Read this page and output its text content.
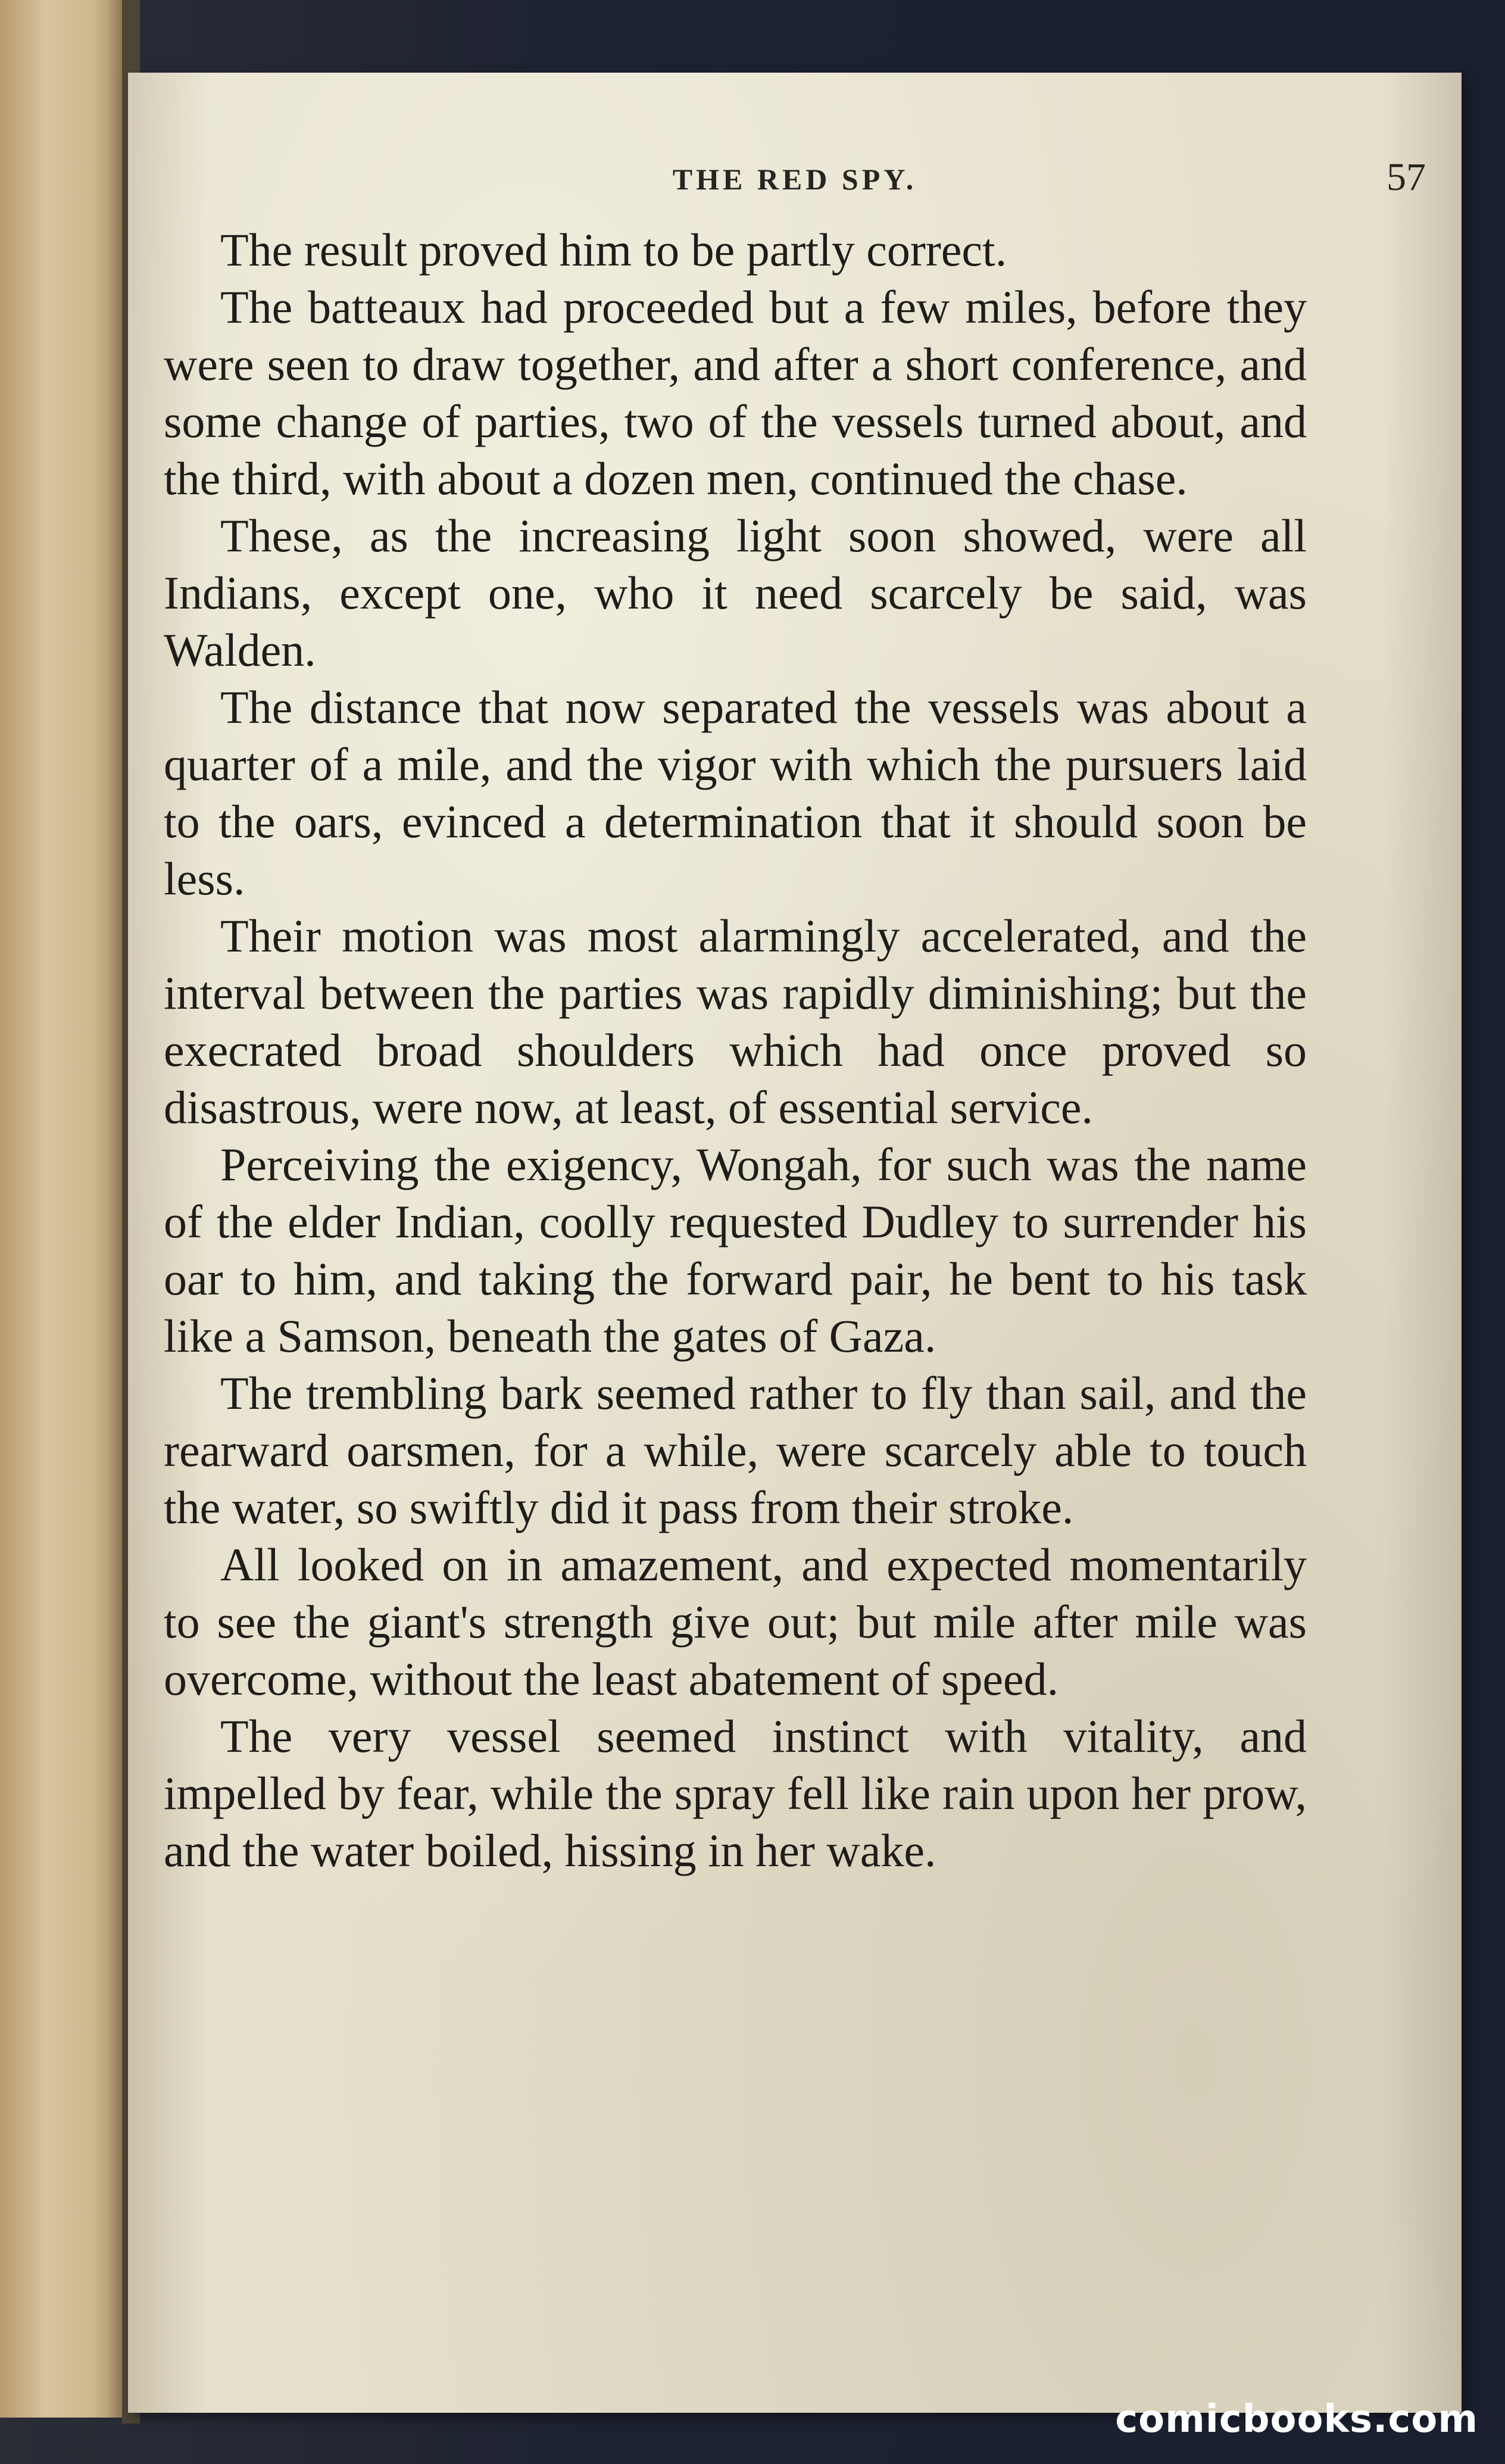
THE RED SPY.	57

The result proved him to be partly correct.

The batteaux had proceeded but a few miles, before they were seen to draw together, and after a short conference, and some change of parties, two of the vessels turned about, and the third, with about a dozen men, continued the chase.

These, as the increasing light soon showed, were all Indians, except one, who it need scarcely be said, was Walden.

The distance that now separated the vessels was about a quarter of a mile, and the vigor with which the pursuers laid to the oars, evinced a determination that it should soon be less.

Their motion was most alarmingly accelerated, and the interval between the parties was rapidly diminishing; but the execrated broad shoulders which had once proved so disastrous, were now, at least, of essential service.

Perceiving the exigency, Wongah, for such was the name of the elder Indian, coolly requested Dudley to surrender his oar to him, and taking the forward pair, he bent to his task like a Samson, beneath the gates of Gaza.

The trembling bark seemed rather to fly than sail, and the rearward oarsmen, for a while, were scarcely able to touch the water, so swiftly did it pass from their stroke.

All looked on in amazement, and expected momentarily to see the giant's strength give out; but mile after mile was overcome, without the least abatement of speed.

The very vessel seemed instinct with vitality, and impelled by fear, while the spray fell like rain upon her prow, and the water boiled, hissing in her wake.

comicbooks.com
